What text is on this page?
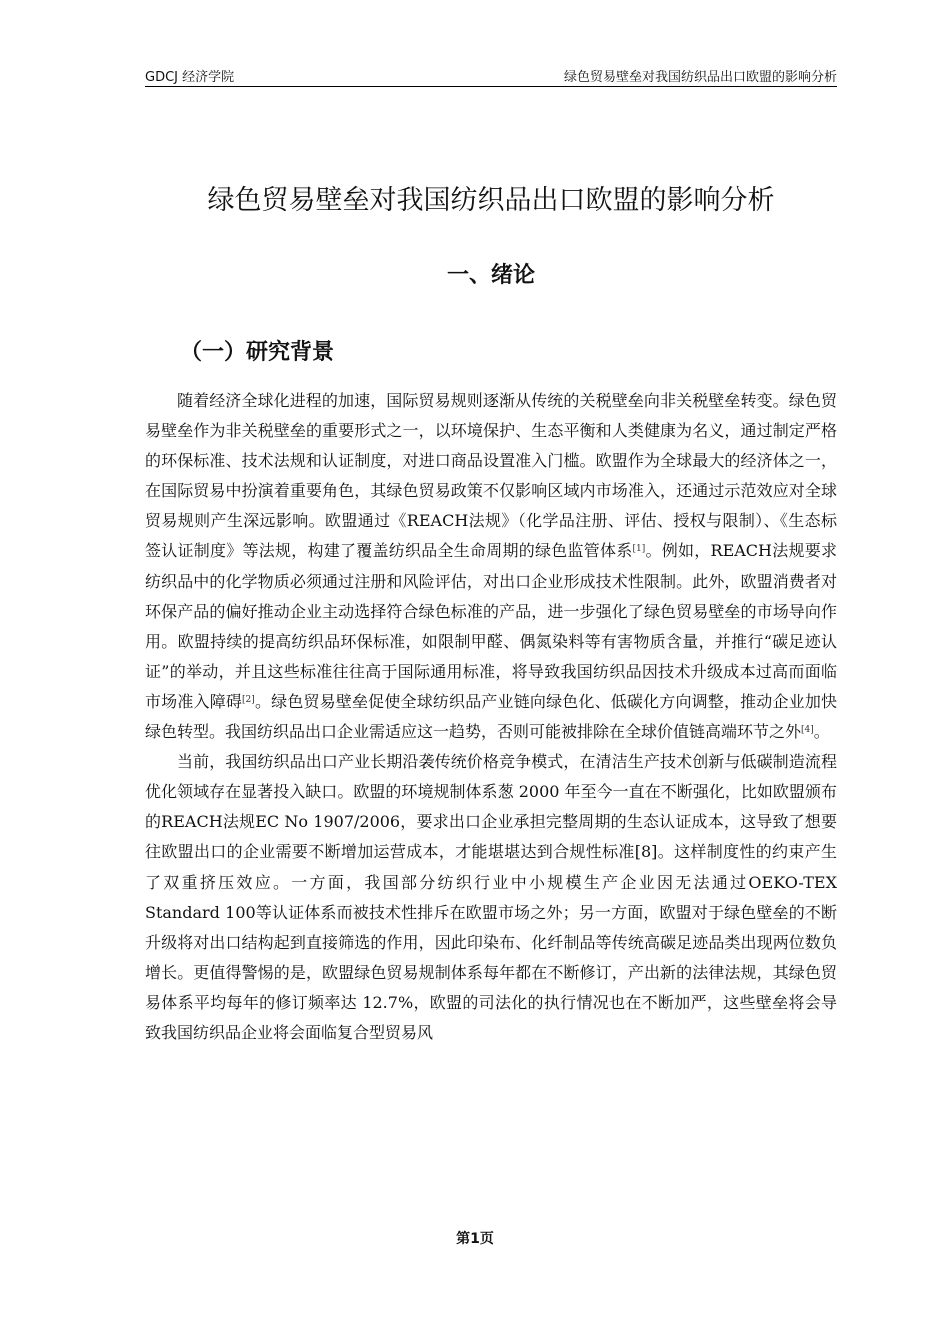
GDCJ 经济学院	绿色贸易壁垒对我国纺织品出口欧盟的影响分析
绿色贸易壁垒对我国纺织品出口欧盟的影响分析
一、绪论
（一）研究背景

随着经济全球化进程的加速，国际贸易规则逐渐从传统的关税壁垒向非关税壁垒转变。绿色贸易壁垒作为非关税壁垒的重要形式之一，以环境保护、生态平衡和人类健康为名义，通过制定严格的环保标准、技术法规和认证制度，对进口商品设置准入门槛。欧盟作为全球最大的经济体之一，在国际贸易中扮演着重要角色，其绿色贸易政策不仅影响区域内市场准入，还通过示范效应对全球贸易规则产生深远影响。欧盟通过《REACH法规》（化学品注册、评估、授权与限制）、《生态标签认证制度》等法规，构建了覆盖纺织品全生命周期的绿色监管体系[1]。例如，REACH法规要求纺织品中的化学物质必须通过注册和风险评估，对出口企业形成技术性限制。此外，欧盟消费者对环保产品的偏好推动企业主动选择符合绿色标准的产品，进一步强化了绿色贸易壁垒的市场导向作用。欧盟持续的提高纺织品环保标准，如限制甲醛、偶氮染料等有害物质含量，并推行“碳足迹认证”的举动，并且这些标准往往高于国际通用标准，将导致我国纺织品因技术升级成本过高而面临市场准入障碍[2]。绿色贸易壁垒促使全球纺织品产业链向绿色化、低碳化方向调整，推动企业加快绿色转型。我国纺织品出口企业需适应这一趋势，否则可能被排除在全球价值链高端环节之外[4]。

当前，我国纺织品出口产业长期沿袭传统价格竞争模式，在清洁生产技术创新与低碳制造流程优化领域存在显著投入缺口。欧盟的环境规制体系葱 2000 年至今一直在不断强化，比如欧盟颁布的REACH法规EC No 1907/2006，要求出口企业承担完整周期的生态认证成本，这导致了想要往欧盟出口的企业需要不断增加运营成本，才能堪堪达到合规性标准[8]。这样制度性的约束产生了双重挤压效应。一方面，我国部分纺织行业中小规模生产企业因无法通过OEKO-TEX Standard 100等认证体系而被技术性排斥在欧盟市场之外；另一方面，欧盟对于绿色壁垒的不断升级将对出口结构起到直接筛选的作用，因此印染布、化纤制品等传统高碳足迹品类出现两位数负增长。更值得警惕的是，欧盟绿色贸易规制体系每年都在不断修订，产出新的法律法规，其绿色贸易体系平均每年的修订频率达 12.7%，欧盟的司法化的执行情况也在不断加严，这些壁垒将会导致我国纺织品企业将会面临复合型贸易风

第1页
